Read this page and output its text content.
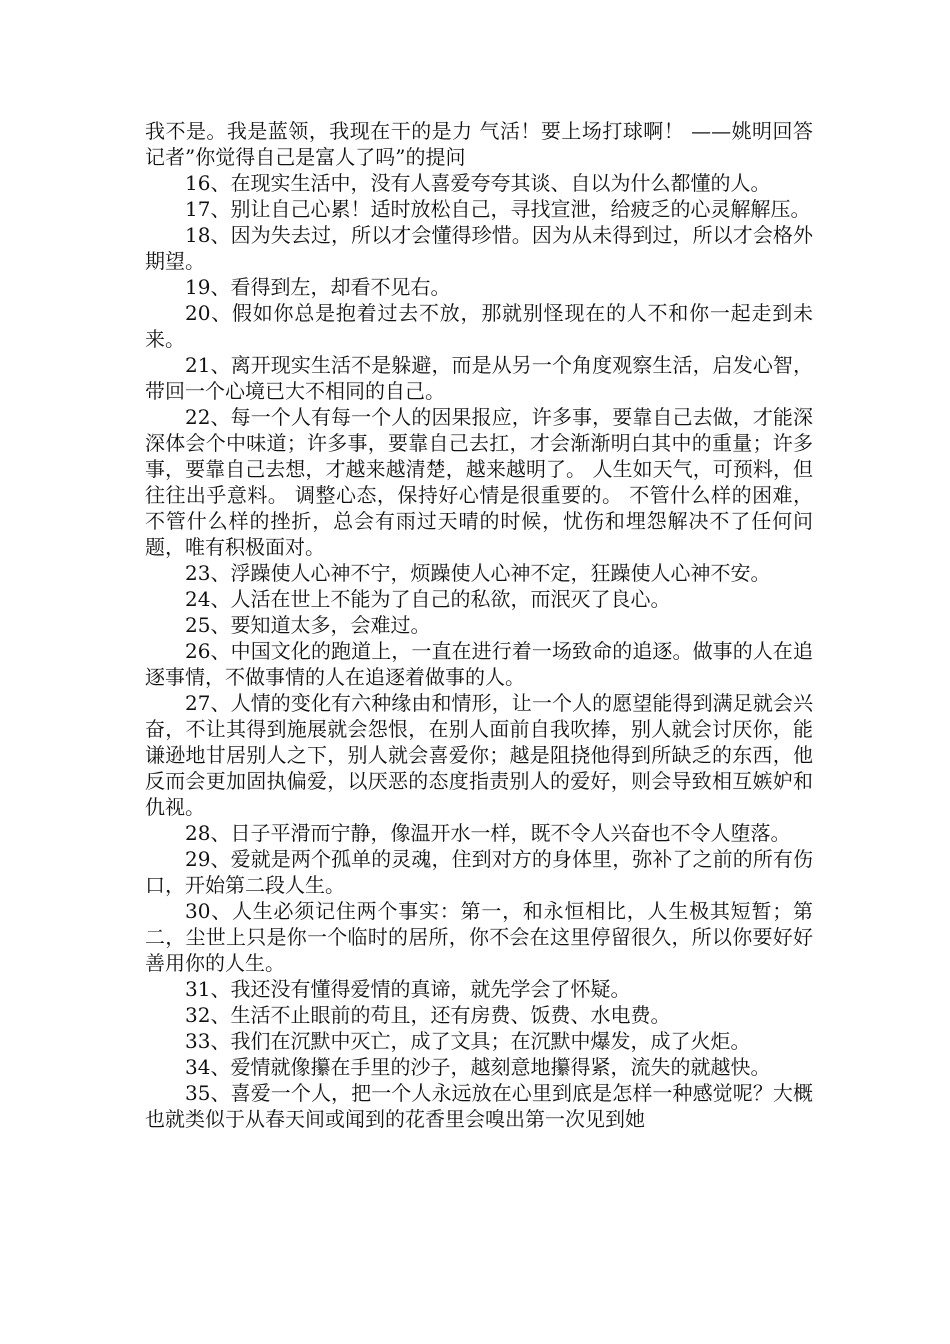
我不是。我是蓝领，我现在干的是力 气活！要上场打球啊！ ——姚明回答记者”你觉得自己是富人了吗”的提问

16、在现实生活中，没有人喜爱夸夸其谈、自以为什么都懂的人。

17、别让自己心累！适时放松自己，寻找宣泄，给疲乏的心灵解解压。

18、因为失去过，所以才会懂得珍惜。因为从未得到过，所以才会格外期望。

19、看得到左，却看不见右。

20、假如你总是抱着过去不放，那就别怪现在的人不和你一起走到未来。

21、离开现实生活不是躲避，而是从另一个角度观察生活，启发心智，带回一个心境已大不相同的自己。

22、每一个人有每一个人的因果报应，许多事，要靠自己去做，才能深深体会个中味道；许多事，要靠自己去扛，才会渐渐明白其中的重量；许多事，要靠自己去想，才越来越清楚，越来越明了。 人生如天气，可预料，但往往出乎意料。 调整心态，保持好心情是很重要的。 不管什么样的困难，不管什么样的挫折，总会有雨过天晴的时候，忧伤和埋怨解决不了任何问题，唯有积极面对。

23、浮躁使人心神不宁，烦躁使人心神不定，狂躁使人心神不安。

24、人活在世上不能为了自己的私欲，而泯灭了良心。

25、要知道太多，会难过。

26、中国文化的跑道上，一直在进行着一场致命的追逐。做事的人在追逐事情，不做事情的人在追逐着做事的人。

27、人情的变化有六种缘由和情形，让一个人的愿望能得到满足就会兴奋，不让其得到施展就会怨恨，在别人面前自我吹捧，别人就会讨厌你，能谦逊地甘居别人之下，别人就会喜爱你；越是阻挠他得到所缺乏的东西，他反而会更加固执偏爱，以厌恶的态度指责别人的爱好，则会导致相互嫉妒和仇视。

28、日子平滑而宁静，像温开水一样，既不令人兴奋也不令人堕落。

29、爱就是两个孤单的灵魂，住到对方的身体里，弥补了之前的所有伤口，开始第二段人生。

30、人生必须记住两个事实：第一，和永恒相比，人生极其短暂；第二，尘世上只是你一个临时的居所，你不会在这里停留很久，所以你要好好善用你的人生。

31、我还没有懂得爱情的真谛，就先学会了怀疑。

32、生活不止眼前的苟且，还有房费、饭费、水电费。

33、我们在沉默中灭亡，成了文具；在沉默中爆发，成了火炬。

34、爱情就像攥在手里的沙子，越刻意地攥得紧，流失的就越快。

35、喜爱一个人，把一个人永远放在心里到底是怎样一种感觉呢？大概也就类似于从春天间或闻到的花香里会嗅出第一次见到她
